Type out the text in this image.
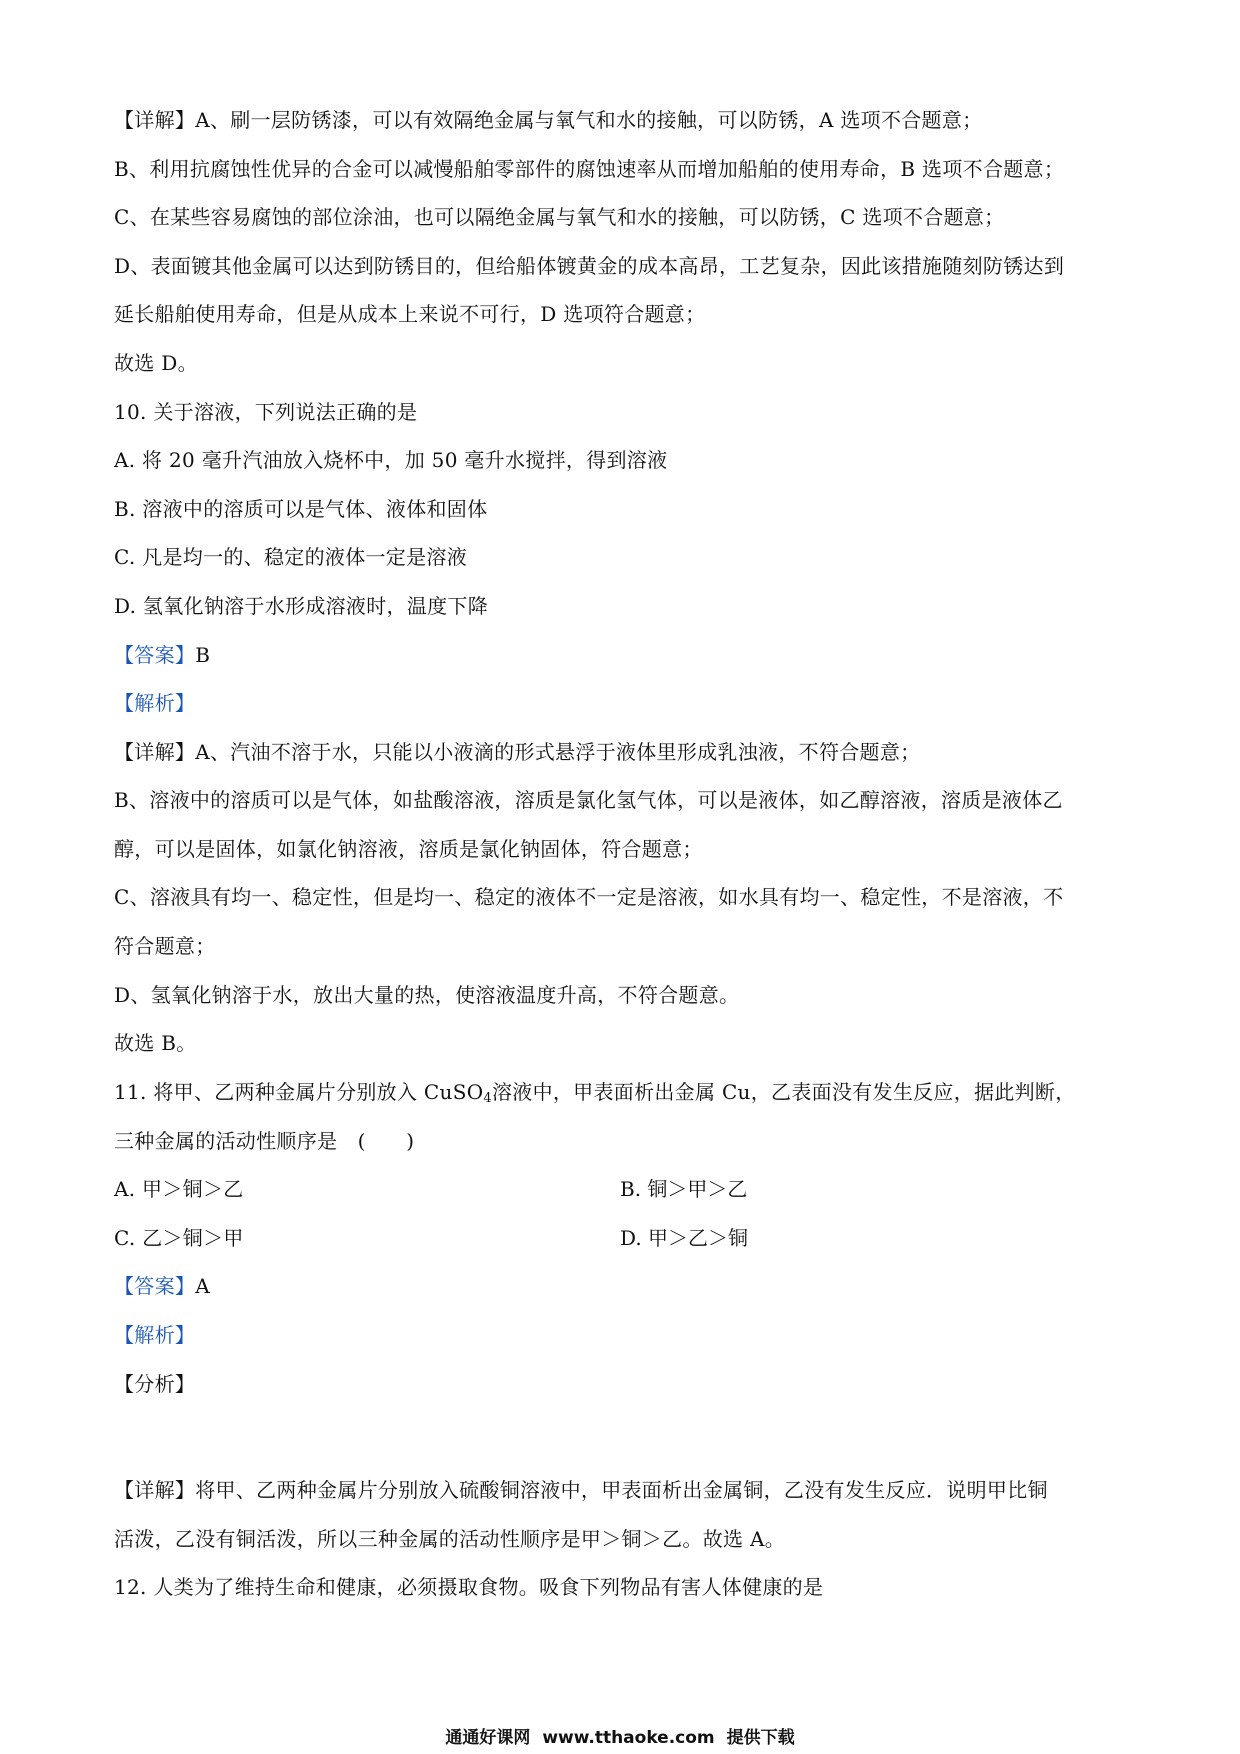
【详解】A、刷一层防锈漆，可以有效隔绝金属与氧气和水的接触，可以防锈，A 选项不合题意；
B、利用抗腐蚀性优异的合金可以减慢船舶零部件的腐蚀速率从而增加船舶的使用寿命，B 选项不合题意；
C、在某些容易腐蚀的部位涂油，也可以隔绝金属与氧气和水的接触，可以防锈，C 选项不合题意；
D、表面镀其他金属可以达到防锈目的，但给船体镀黄金的成本高昂，工艺复杂，因此该措施随刻防锈达到
延长船舶使用寿命，但是从成本上来说不可行，D 选项符合题意；
故选 D。
10. 关于溶液，下列说法正确的是
A. 将 20 毫升汽油放入烧杯中，加 50 毫升水搅拌，得到溶液
B. 溶液中的溶质可以是气体、液体和固体
C. 凡是均一的、稳定的液体一定是溶液
D. 氢氧化钠溶于水形成溶液时，温度下降
【答案】B
【解析】
【详解】A、汽油不溶于水，只能以小液滴的形式悬浮于液体里形成乳浊液，不符合题意；
B、溶液中的溶质可以是气体，如盐酸溶液，溶质是氯化氢气体，可以是液体，如乙醇溶液，溶质是液体乙
醇，可以是固体，如氯化钠溶液，溶质是氯化钠固体，符合题意；
C、溶液具有均一、稳定性，但是均一、稳定的液体不一定是溶液，如水具有均一、稳定性，不是溶液，不
符合题意；
D、氢氧化钠溶于水，放出大量的热，使溶液温度升高，不符合题意。
故选 B。
11. 将甲、乙两种金属片分别放入 CuSO$_4$溶液中，甲表面析出金属 Cu，乙表面没有发生反应，据此判断，
三种金属的活动性顺序是　(　　)
A. 甲＞铜＞乙	B. 铜＞甲＞乙
C. 乙＞铜＞甲	D. 甲＞乙＞铜
【答案】A
【解析】
【分析】
【详解】将甲、乙两种金属片分别放入硫酸铜溶液中，甲表面析出金属铜，乙没有发生反应．说明甲比铜
活泼，乙没有铜活泼，所以三种金属的活动性顺序是甲＞铜＞乙。故选 A。
12. 人类为了维持生命和健康，必须摄取食物。吸食下列物品有害人体健康的是
通通好课网 www.tthaoke.com 提供下载
